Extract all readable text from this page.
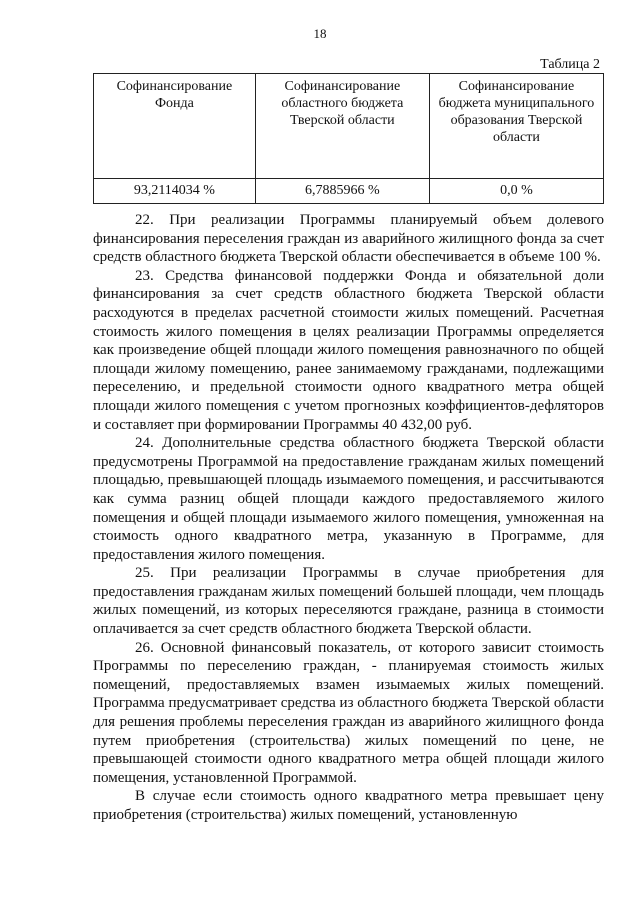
18
Таблица 2
Софинансирование Фонда	Софинансирование областного бюджета Тверской области	Софинансирование бюджета муниципального образования Тверской области
93,2114034 %	6,7885966 %	0,0 %

22. При реализации Программы планируемый объем долевого финансирования переселения граждан из аварийного жилищного фонда за счет средств областного бюджета Тверской области обеспечивается в объеме 100 %.

23. Средства финансовой поддержки Фонда и обязательной доли финансирования за счет средств областного бюджета Тверской области расходуются в пределах расчетной стоимости жилых помещений. Расчетная стоимость жилого помещения в целях реализации Программы определяется как произведение общей площади жилого помещения равнозначного по общей площади жилому помещению, ранее занимаемому гражданами, подлежащими переселению, и предельной стоимости одного квадратного метра общей площади жилого помещения с учетом прогнозных коэффициентов-дефляторов и составляет при формировании Программы 40 432,00 руб.

24. Дополнительные средства областного бюджета Тверской области предусмотрены Программой на предоставление гражданам жилых помещений площадью, превышающей площадь изымаемого помещения, и рассчитываются как сумма разниц общей площади каждого предоставляемого жилого помещения и общей площади изымаемого жилого помещения, умноженная на стоимость одного квадратного метра, указанную в Программе, для предоставления жилого помещения.

25. При реализации Программы в случае приобретения для предоставления гражданам жилых помещений большей площади, чем площадь жилых помещений, из которых переселяются граждане, разница в стоимости оплачивается за счет средств областного бюджета Тверской области.

26. Основной финансовый показатель, от которого зависит стоимость Программы по переселению граждан, - планируемая стоимость жилых помещений, предоставляемых взамен изымаемых жилых помещений. Программа предусматривает средства из областного бюджета Тверской области для решения проблемы переселения граждан из аварийного жилищного фонда путем приобретения (строительства) жилых помещений по цене, не превышающей стоимости одного квадратного метра общей площади жилого помещения, установленной Программой.

В случае если стоимость одного квадратного метра превышает цену приобретения (строительства) жилых помещений, установленную
